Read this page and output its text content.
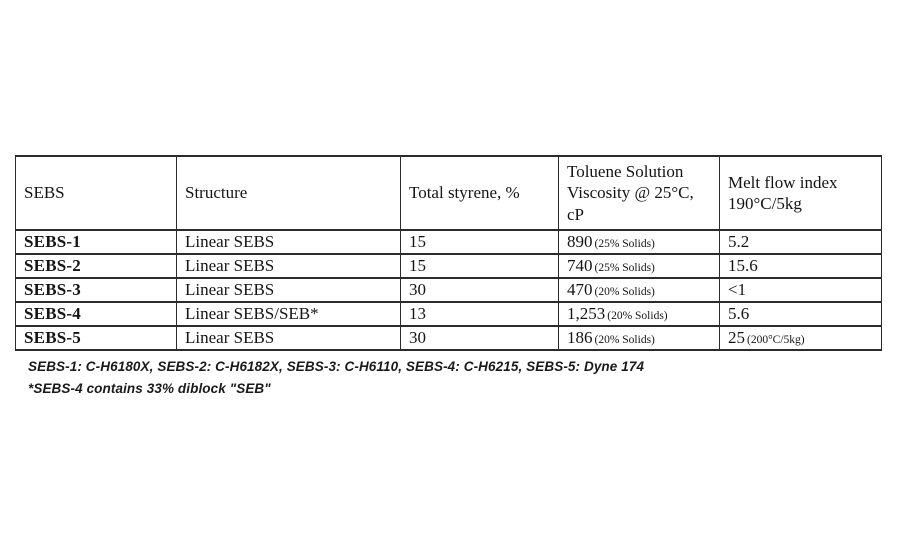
SEBS	Structure	Total styrene, %	Toluene Solution Viscosity @ 25°C, cP	Melt flow index 190°C/5kg
SEBS-1	Linear SEBS	15	890 (25% Solids)	5.2
SEBS-2	Linear SEBS	15	740 (25% Solids)	15.6
SEBS-3	Linear SEBS	30	470 (20% Solids)	<1
SEBS-4	Linear SEBS/SEB*	13	1,253 (20% Solids)	5.6
SEBS-5	Linear SEBS	30	186 (20% Solids)	25 (200°C/5kg)
SEBS-1: C-H6180X, SEBS-2: C-H6182X, SEBS-3: C-H6110, SEBS-4: C-H6215, SEBS-5: Dyne 174
*SEBS-4 contains 33% diblock "SEB"
